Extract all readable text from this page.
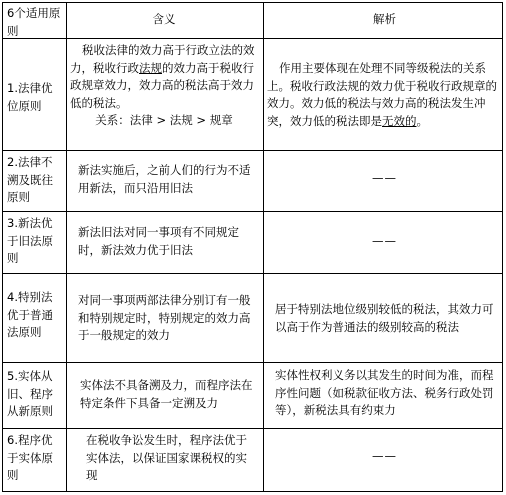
6个适用原则
含义	解析
1.法律优位原则
税收法律的效力高于行政立法的效力，税收行政法规的效力高于税收行政规章效力，效力高的税法高于效力低的税法。
关系：法律 > 法规 > 规章
作用主要体现在处理不同等级税法的关系上。税收行政法规的效力优于税收行政规章的效力。效力低的税法与效力高的税法发生冲突，效力低的税法即是无效的。
2.法律不溯及既往原则
新法实施后，之前人们的行为不适用新法，而只沿用旧法
——
3.新法优于旧法原则
新法旧法对同一事项有不同规定时，新法效力优于旧法
——
4.特别法优于普通法原则
对同一事项两部法律分别订有一般和特别规定时，特别规定的效力高于一般规定的效力
居于特别法地位级别较低的税法，其效力可以高于作为普通法的级别较高的税法
5.实体从旧、程序从新原则
实体法不具备溯及力，而程序法在特定条件下具备一定溯及力
实体性权利义务以其发生的时间为准，而程序性问题（如税款征收方法、税务行政处罚等），新税法具有约束力
6.程序优于实体原则
在税收争讼发生时，程序法优于实体法，以保证国家课税权的实现
——
